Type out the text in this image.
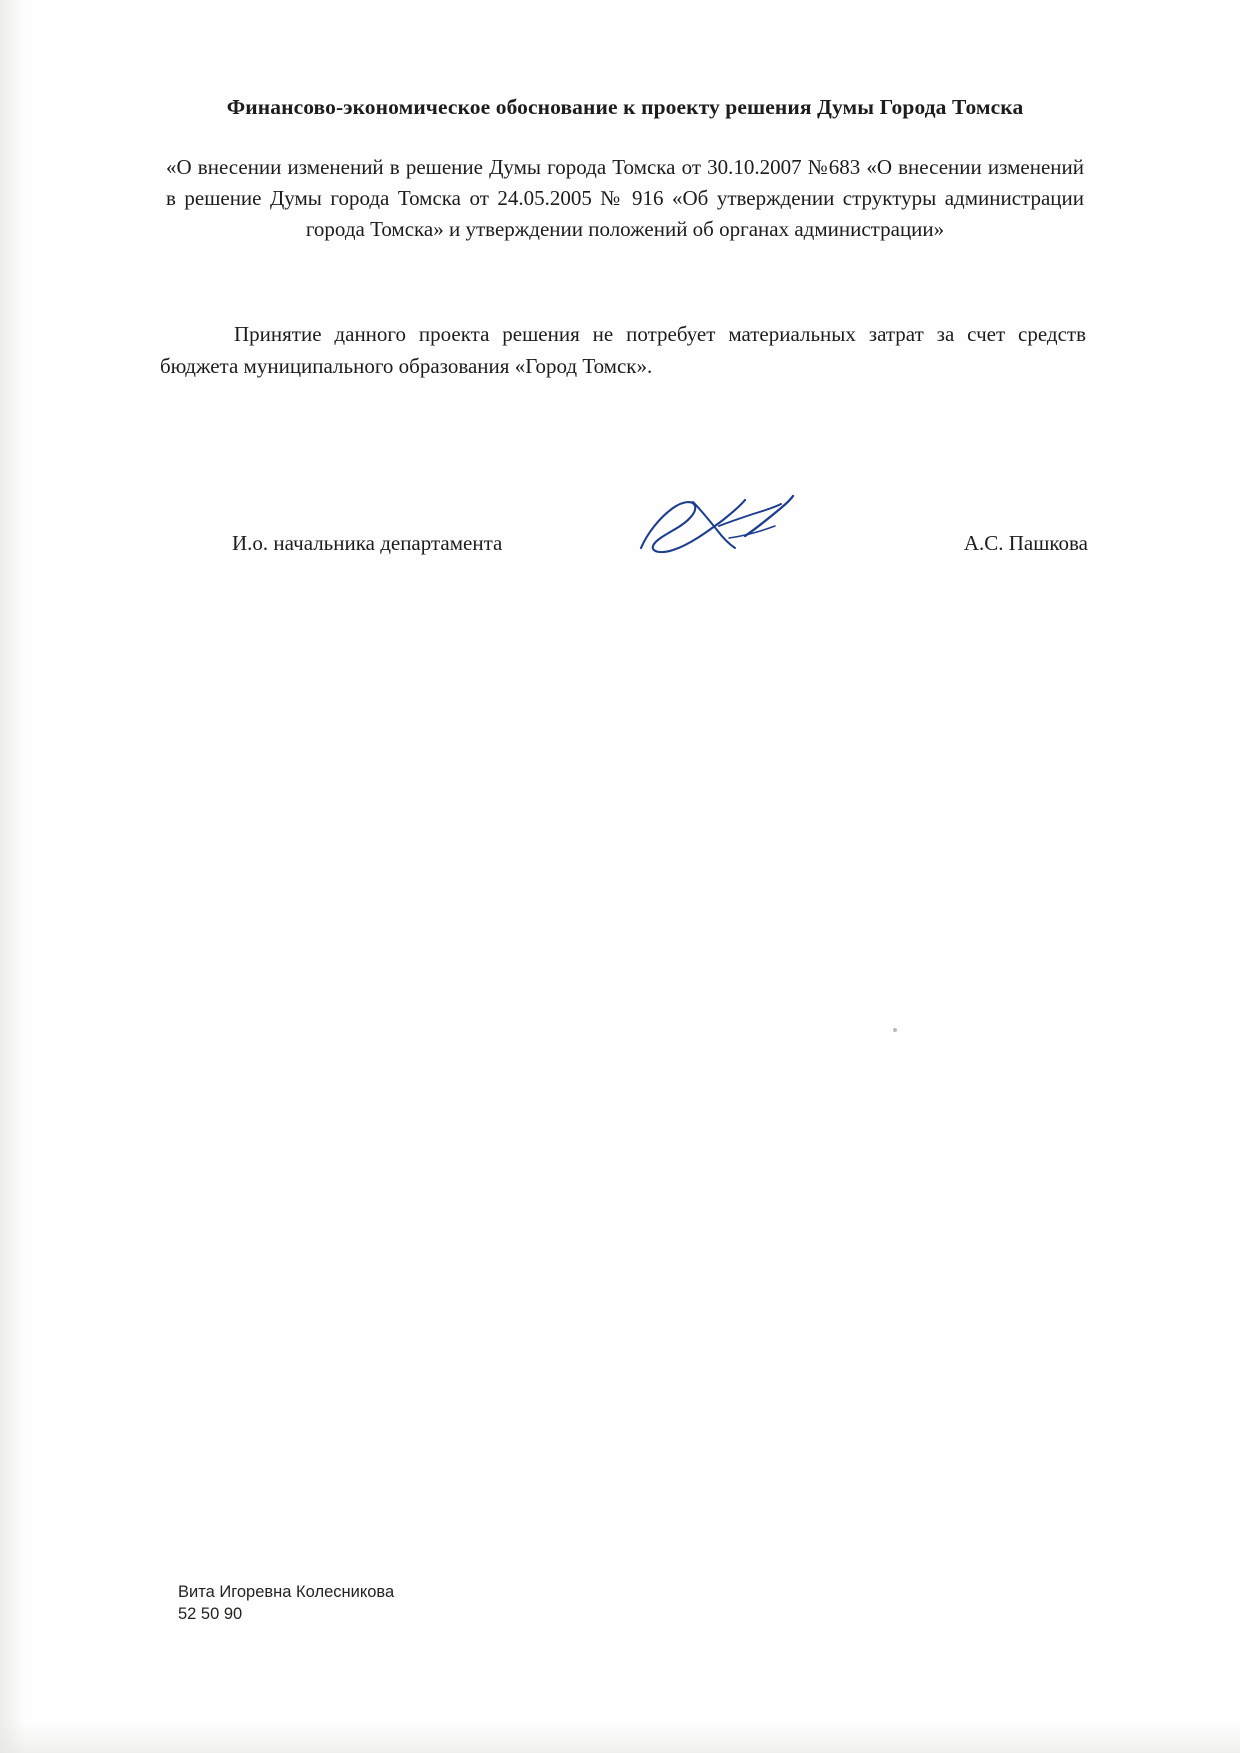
Финансово-экономическое обоснование к проекту решения Думы Города Томска
«О внесении изменений в решение Думы города Томска от 30.10.2007 №683 «О внесении изменений в решение Думы города Томска от 24.05.2005 № 916 «Об утверждении структуры администрации города Томска» и утверждении положений об органах администрации»
Принятие данного проекта решения не потребует материальных затрат за счет средств бюджета муниципального образования «Город Томск».
И.о. начальника департамента	А.С. Пашкова
Вита Игоревна Колесникова
52 50 90
